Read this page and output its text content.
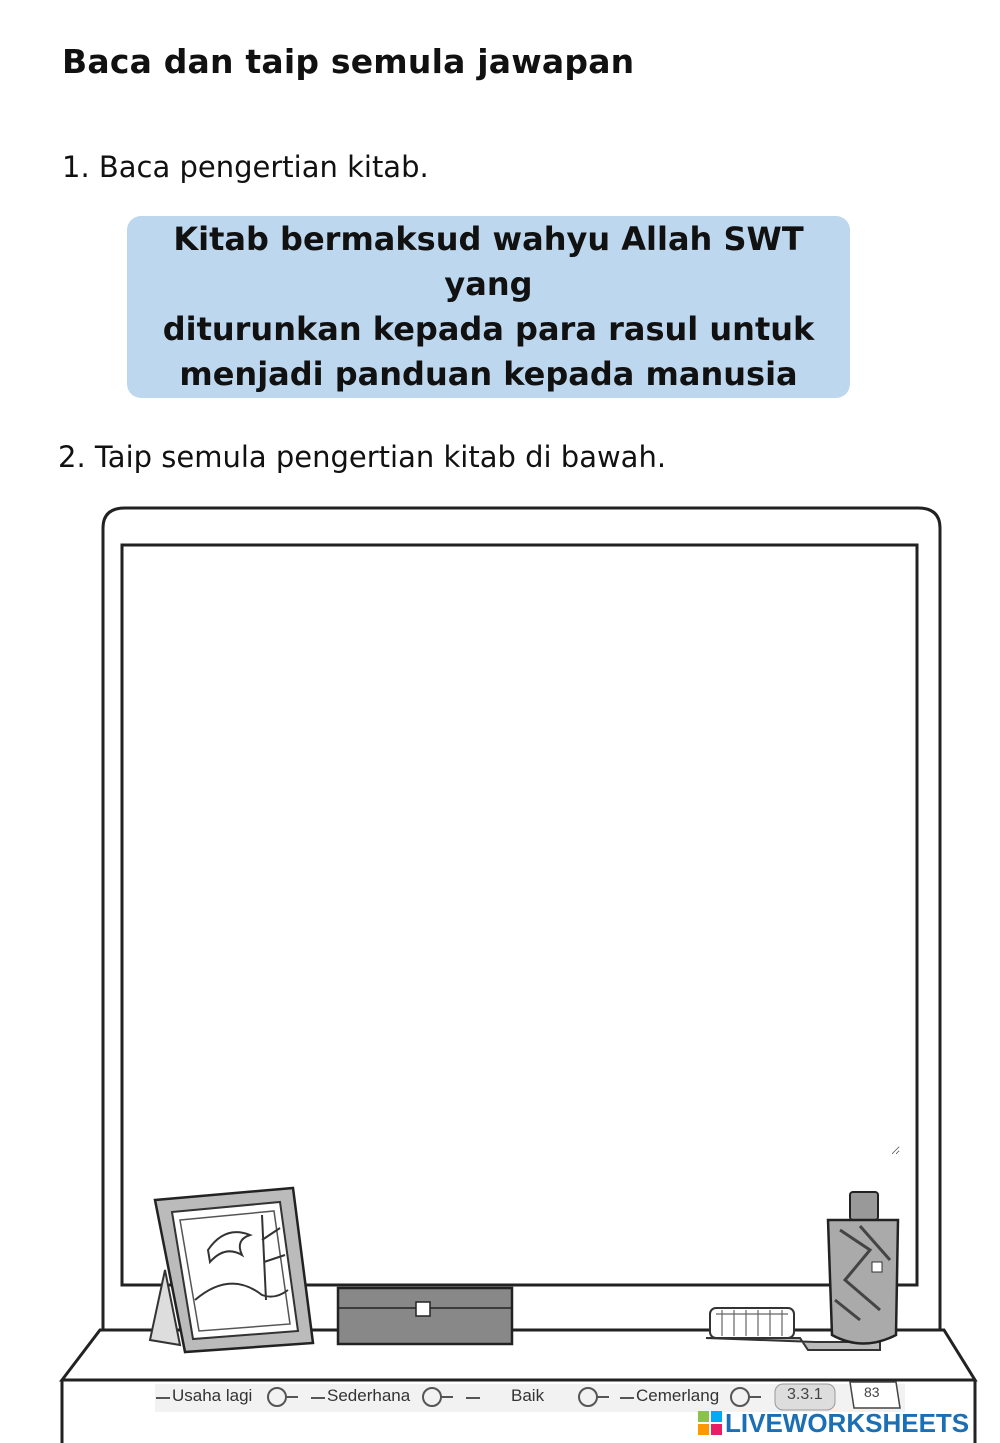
Baca dan taip semula jawapan
1. Baca pengertian kitab.
Kitab bermaksud wahyu Allah SWT yang
diturunkan kepada para rasul untuk
menjadi panduan kepada manusia
2. Taip semula pengertian kitab di bawah.
Usaha lagi	Sederhana	Baik	Cemerlang	3.3.1	83
LIVEWORKSHEETS
